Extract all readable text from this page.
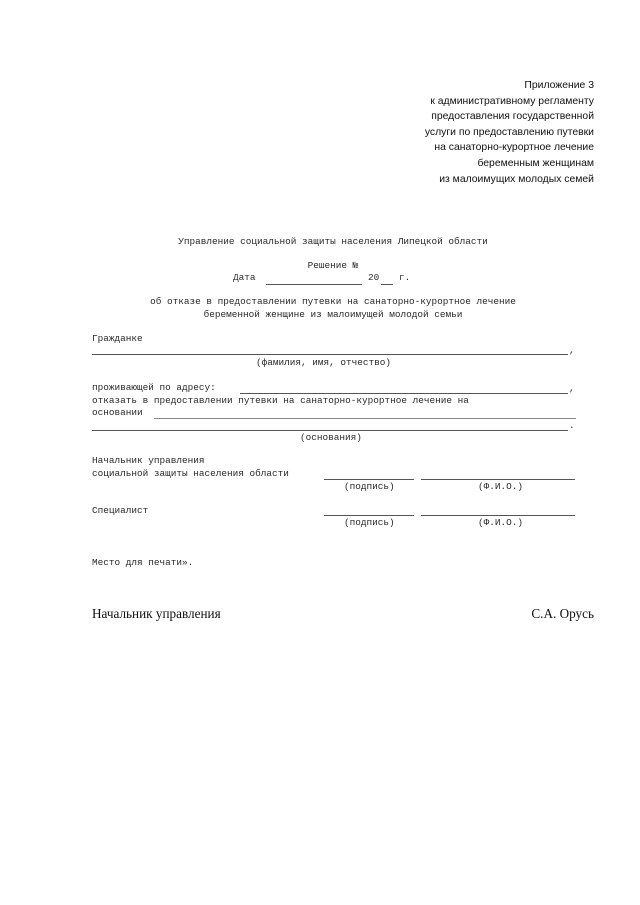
Приложение 3
к административному регламенту
предоставления государственной
услуги по предоставлению путевки
на санаторно-курортное лечение
беременным женщинам
из малоимущих молодых семей
Управление социальной защиты населения Липецкой области
Решение №
Дата	20 г.
об отказе в предоставлении путевки на санаторно-курортное лечение
беременной женщине из малоимущей молодой семьи
Гражданке
,
(фамилия, имя, отчество)
проживающей по адресу:	,
отказать в предоставлении путевки на санаторно-курортное лечение на
основании
.
(основания)
Начальник управления
социальной защиты населения области
(подпись)	(Ф.И.О.)
Специалист
(подпись)	(Ф.И.О.)
Место для печати».
Начальник управления	С.А. Орусь
